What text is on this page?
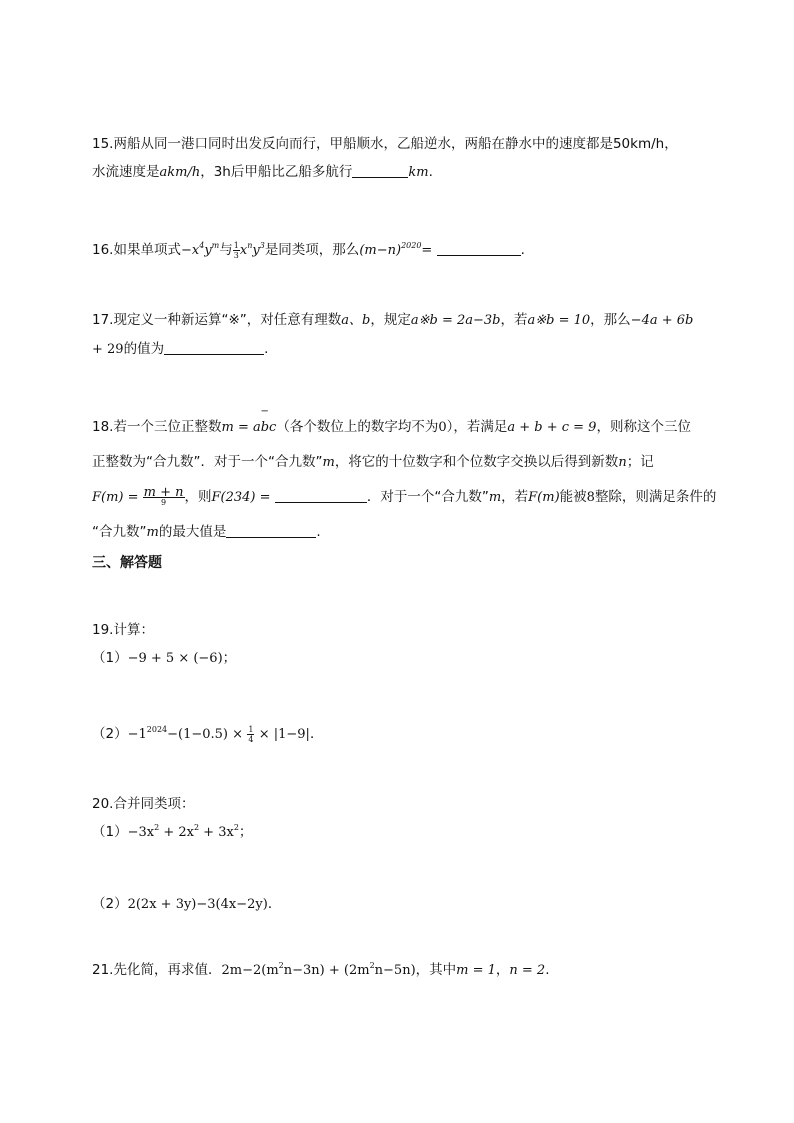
15.两船从同一港口同时出发反向而行，甲船顺水，乙船逆水，两船在静水中的速度都是50km/h，
水流速度是akm/h，3h后甲船比乙船多航行	km.
16.如果单项式$-x^4y^m$与 $\frac{1}{3} x^ny^3$是同类项，那么$(m-n)^{2020}=$	.
17.现定义一种新运算“※”，对任意有理数a、b，规定a※b = 2a−3b，若a※b = 10，那么−4a + 6b
+ 29的值为	.
18.若一个三位正整数m =
−
abc（各个数位上的数字均不为0），若满足a + b + c = 9，则称这个三位
正整数为“合九数”．对于一个“合九数”m，将它的十位数字和个位数字交换以后得到新数n；记
$F(m) = \frac{m + n}{9}$ ，则F(234) =	．对于一个“合九数”m，若F(m)能被8整除，则满足条件的
“合九数”m的最大值是	.
三、解答题
19.计算：
（1）−9 + 5 × (−6)；
$(2)-1^{2024}-(1-0.5) \times \frac{1}{4} \times |1-9|$．
20.合并同类项：
$(1)-3x^2 + 2x^2 + 3x^2$；
（2）2(2x + 3y)−3(4x−2y)．
21.先化简，再求值．$2m-2(m^2n-3n) + (2m^2n-5n)$，其中m = 1，n = 2.
